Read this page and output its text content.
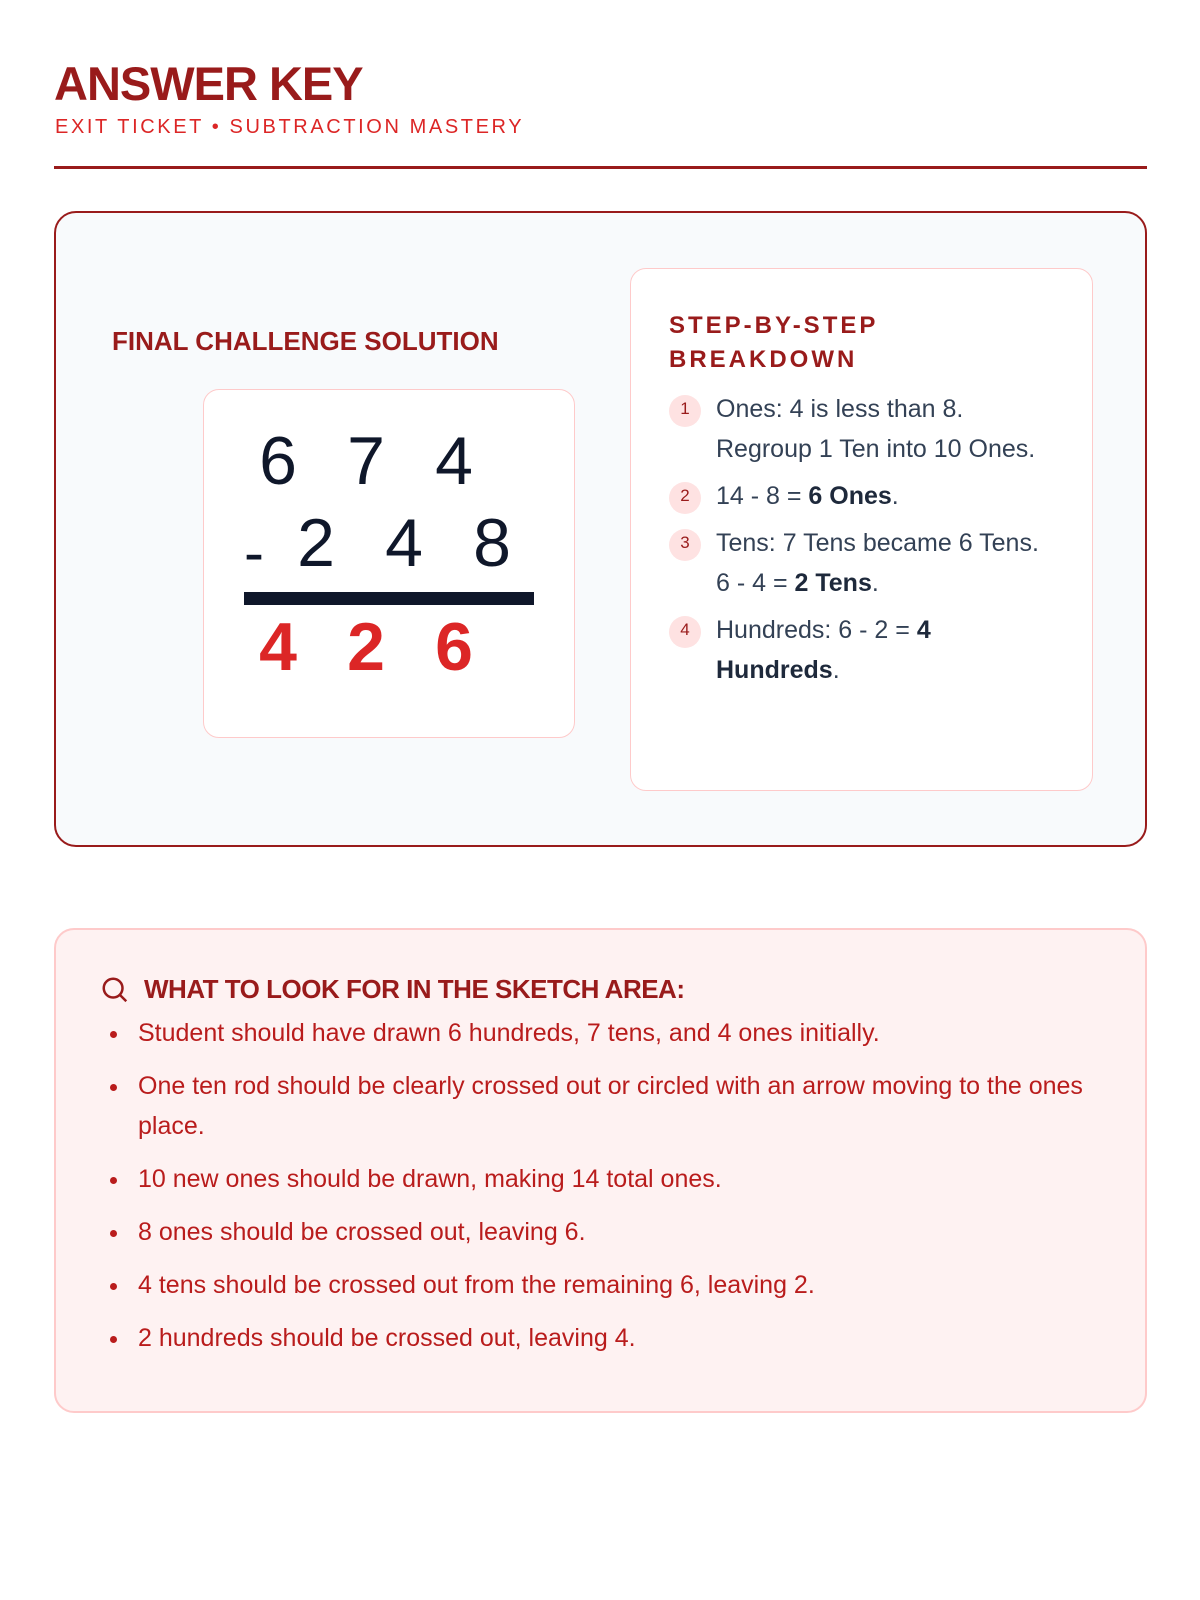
ANSWER KEY
EXIT TICKET • SUBTRACTION MASTERY
FINAL CHALLENGE SOLUTION
6 7 4
- 2 4 8
4 2 6
STEP-BY-STEP BREAKDOWN
1	Ones: 4 is less than 8. Regroup 1 Ten into 10 Ones.
2	14 - 8 = 6 Ones.
3	Tens: 7 Tens became 6 Tens. 6 - 4 = 2 Tens.
4	Hundreds: 6 - 2 = 4 Hundreds.
WHAT TO LOOK FOR IN THE SKETCH AREA:
Student should have drawn 6 hundreds, 7 tens, and 4 ones initially.
One ten rod should be clearly crossed out or circled with an arrow moving to the ones place.
10 new ones should be drawn, making 14 total ones.
8 ones should be crossed out, leaving 6.
4 tens should be crossed out from the remaining 6, leaving 2.
2 hundreds should be crossed out, leaving 4.
